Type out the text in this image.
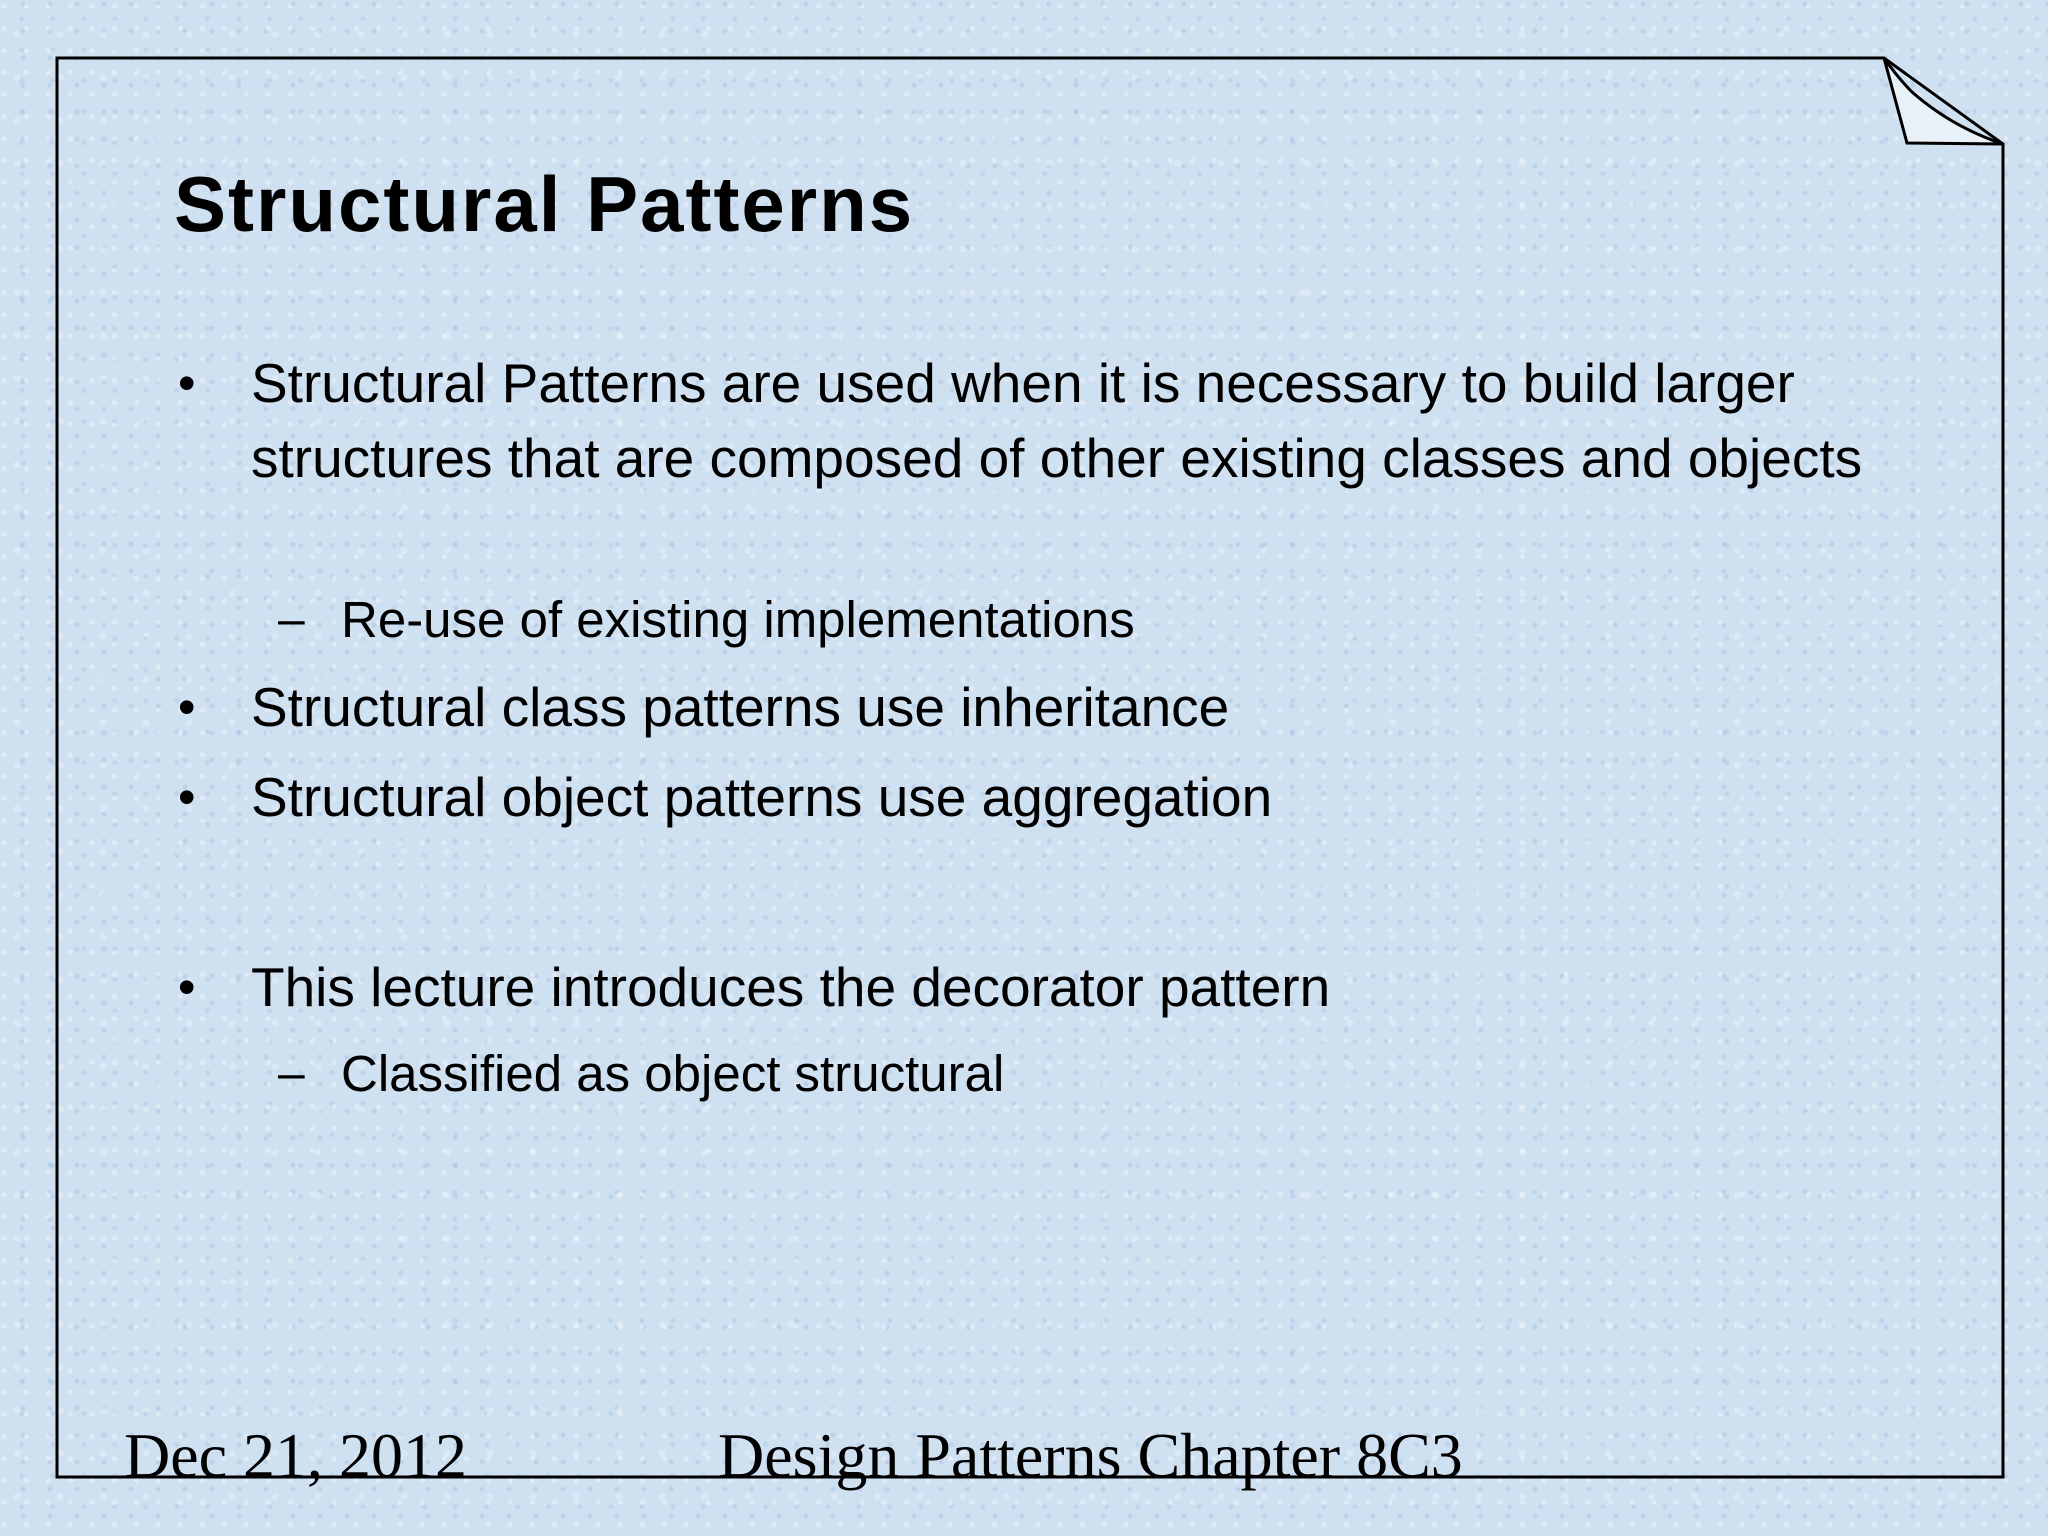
Structural Patterns
• Structural Patterns are used when it is necessary to build larger structures that are composed of other existing classes and objects
– Re-use of existing implementations
• Structural class patterns use inheritance
• Structural object patterns use aggregation
• This lecture introduces the decorator pattern
– Classified as object structural
Dec 21, 2012	Design Patterns Chapter 8C3
